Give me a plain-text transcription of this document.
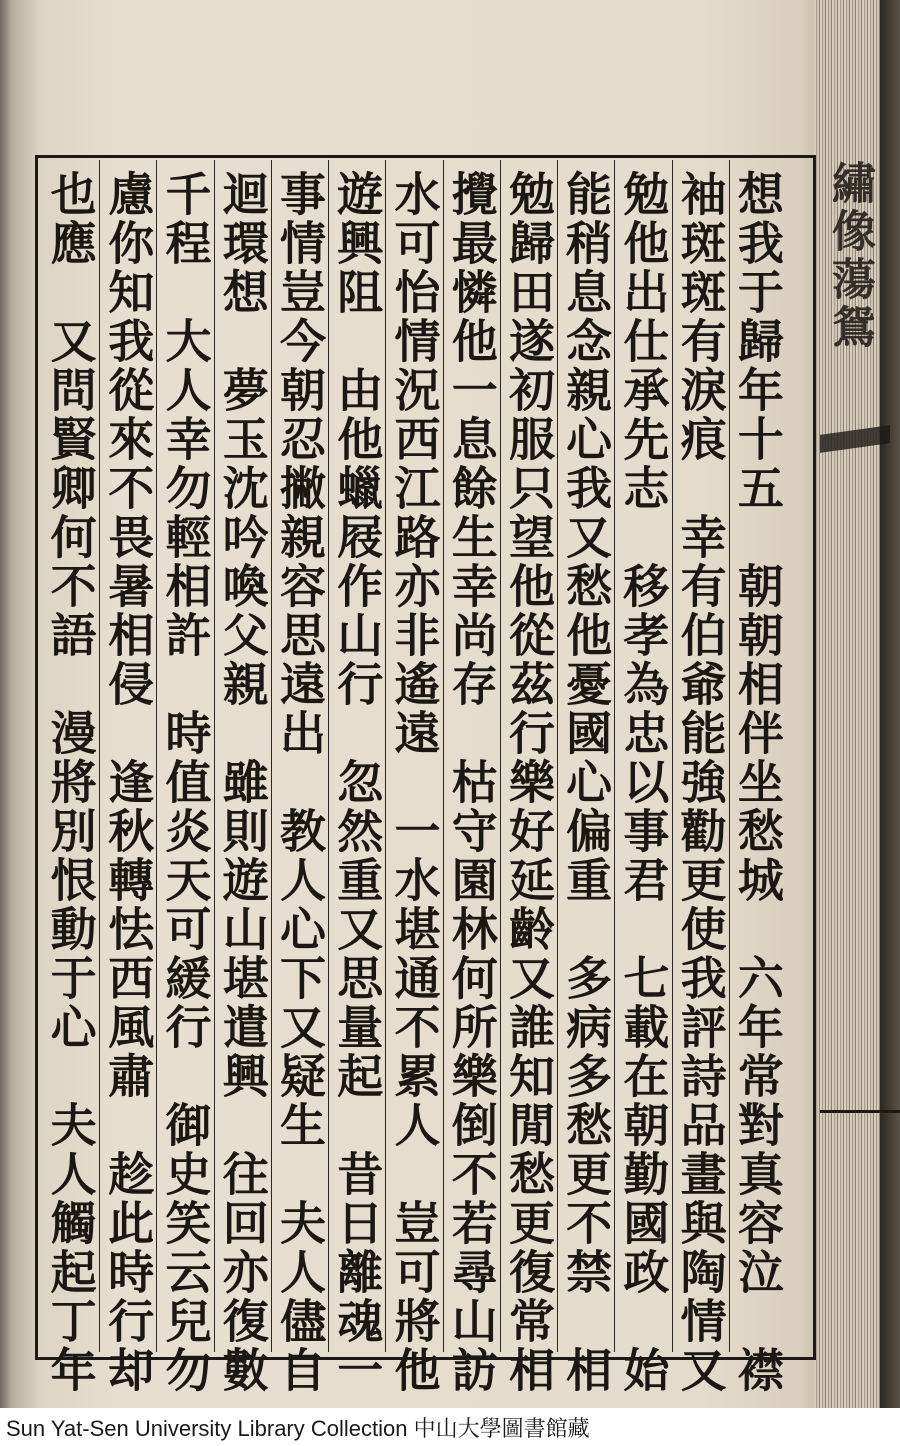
繡像蕩鴛
想我于歸年十五　朝朝相伴坐愁城　六年常對真容泣　襟
袖斑斑有淚痕　幸有伯爺能強勸更使我評詩品畫與陶情又
勉他出仕承先志　移孝為忠以事君　七載在朝勤國政　始
能稍息念親心我又愁他憂國心偏重　多病多愁更不禁　相
勉歸田遂初服只望他從茲行樂好延齡又誰知閒愁更復常相
攪最憐他一息餘生幸尚存　枯守園林何所樂倒不若尋山訪
水可怡情況西江路亦非遙遠　一水堪通不累人　豈可將他
遊興阻　由他蠟屐作山行　忽然重又思量起　昔日離魂一
事情豈今朝忍撇親容思遠出　教人心下又疑生　夫人儘自
迴環想　夢玉沈吟喚父親　雖則遊山堪遣興　往回亦復數
千程　大人幸勿輕相許　時值炎天可緩行　御史笑云兒勿
慮你知我從來不畏暑相侵　逢秋轉怯西風肅　趁此時行却
也應　又問賢卿何不語　漫將別恨動于心　夫人觸起丁年
Sun Yat-Sen University Library Collection 中山大學圖書館藏
